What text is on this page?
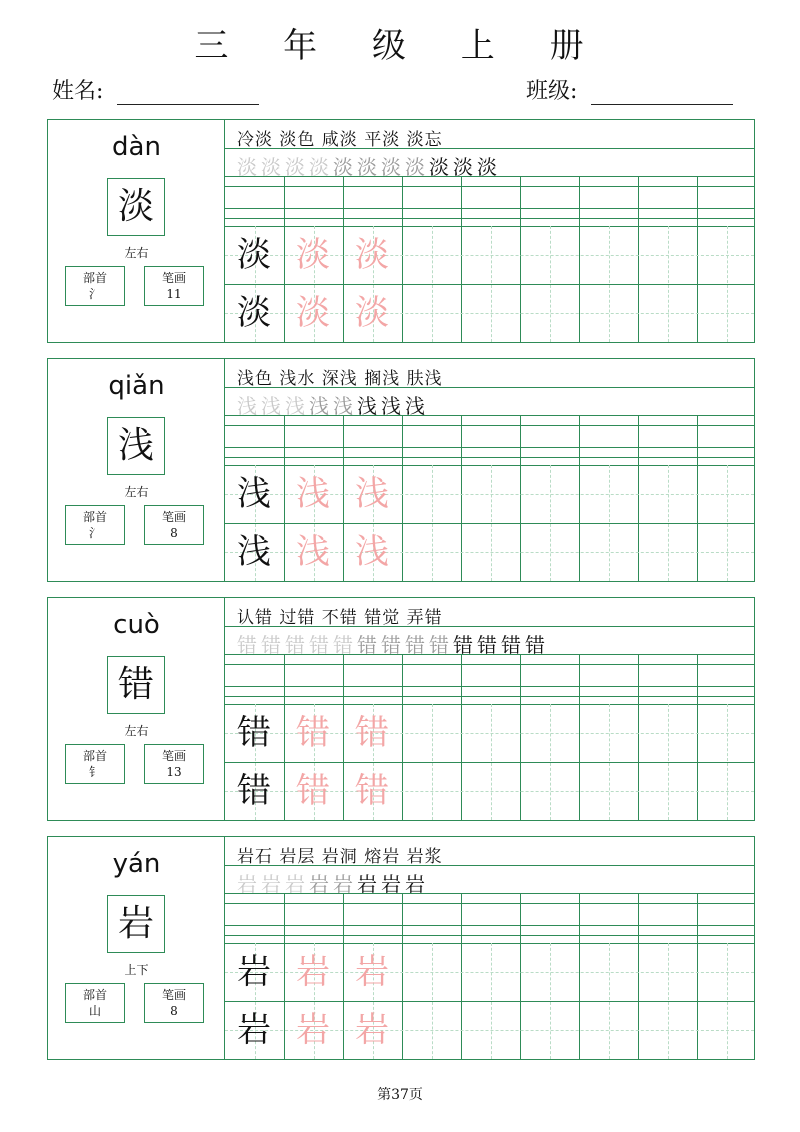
三 年 级 上 册
姓名:	班级:
dàn
淡
左右
部首
氵
笔画
11
冷淡 淡色 咸淡 平淡 淡忘
淡 淡 淡 淡 淡 淡 淡 淡 淡 淡 淡
淡 淡 淡
淡 淡 淡
qiǎn
浅
左右
部首
氵
笔画
8
浅色 浅水 深浅 搁浅 肤浅
浅 浅 浅 浅 浅 浅 浅 浅
浅 浅 浅
浅 浅 浅
cuò
错
左右
部首
钅
笔画
13
认错 过错 不错 错觉 弄错
错 错 错 错 错 错 错 错 错 错 错 错 错
错 错 错
错 错 错
yán
岩
上下
部首
山
笔画
8
岩石 岩层 岩洞 熔岩 岩浆
岩 岩 岩 岩 岩 岩 岩 岩
岩 岩 岩
岩 岩 岩
第37页
